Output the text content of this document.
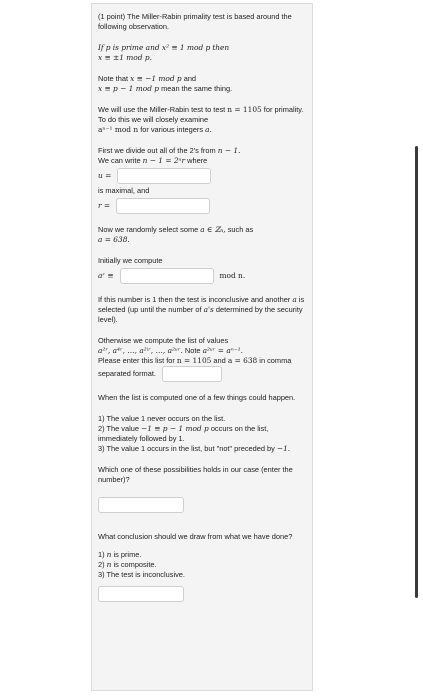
(1 point) The Miller-Rabin primality test is based around the following observation.

If p is prime and x² ≡ 1 mod p then

x ≡ ±1 mod p.

Note that x ≡ −1 mod p and
x ≡ p − 1 mod p mean the same thing.
We will use the Miller-Rabin test to test n = 1105 for primality. To do this we will closely examine
aⁿ⁻¹ mod n for various integers a.

First we divide out all of the 2's from n − 1.

We can write n − 1 = 2ᵘr where

u =

is maximal, and

r =
Now we randomly select some a ∈ ℤₙ, such as
a = 638.

Initially we compute

aʳ ≡	mod n.
If this number is 1 then the test is inconclusive and another a is selected (up until the number of a's determined by the security level).
Otherwise we compute the list of values
a²ʳ, a⁴ʳ, …, a²ⁱʳ, …, a²ᵘʳ. Note a²ᵘʳ = aⁿ⁻¹.
Please enter this list for n = 1105 and a = 638 in comma separated format.
When the list is computed one of a few things could happen.

1) The value 1 never occurs on the list.

2) The value −1 ≡ p − 1 mod p occurs on the list, immediately followed by 1.

3) The value 1 occurs in the list, but "not" preceded by −1.

Which one of these possibilities holds in our case (enter the number)?

What conclusion should we draw from what we have done?

1) n is prime.

2) n is composite.

3) The test is inconclusive.
